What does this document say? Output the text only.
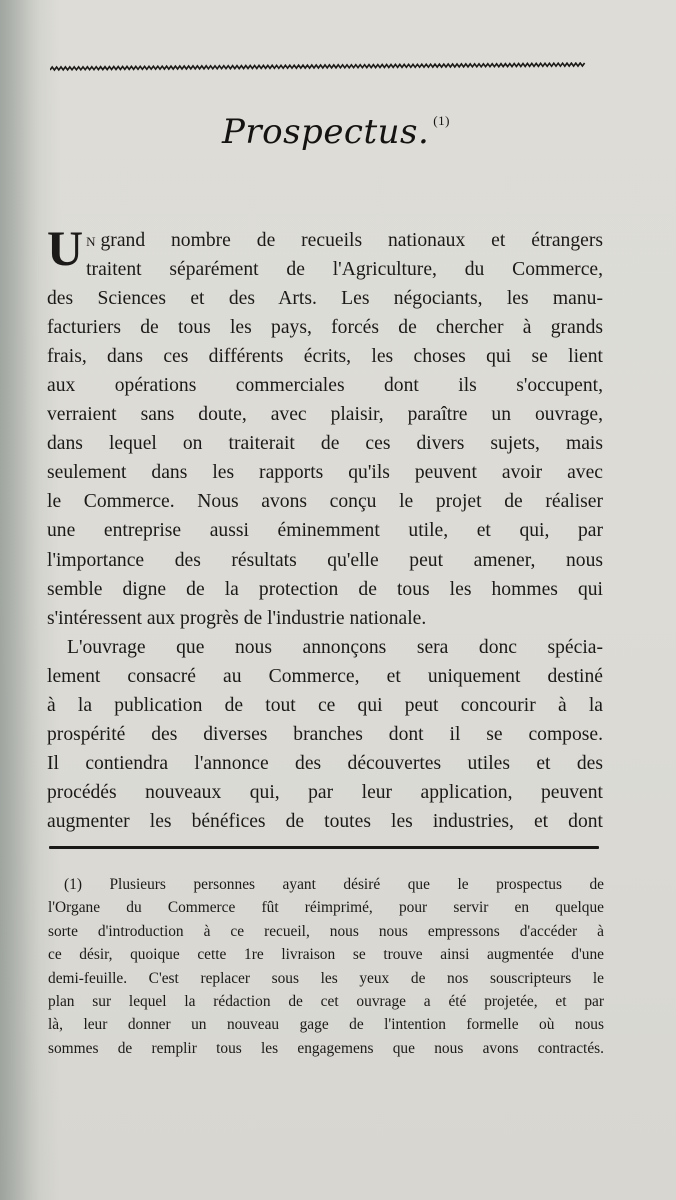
Prospectus. $^{(1)}$
U N grand nombre de recueils nationaux et étrangers
traitent séparément de l'Agriculture, du Commerce,
des Sciences et des Arts. Les négociants, les manu-
facturiers de tous les pays, forcés de chercher à grands
frais, dans ces différents écrits, les choses qui se lient
aux opérations commerciales dont ils s'occupent,
verraient sans doute, avec plaisir, paraître un ouvrage,
dans lequel on traiterait de ces divers sujets, mais
seulement dans les rapports qu'ils peuvent avoir avec
le Commerce. Nous avons conçu le projet de réaliser
une entreprise aussi éminemment utile, et qui, par
l'importance des résultats qu'elle peut amener, nous
semble digne de la protection de tous les hommes qui
s'intéressent aux progrès de l'industrie nationale.
L'ouvrage que nous annonçons sera donc spécia-
lement consacré au Commerce, et uniquement destiné
à la publication de tout ce qui peut concourir à la
prospérité des diverses branches dont il se compose.
Il contiendra l'annonce des découvertes utiles et des
procédés nouveaux qui, par leur application, peuvent
augmenter les bénéfices de toutes les industries, et dont
(1) Plusieurs personnes ayant désiré que le prospectus de
l'Organe du Commerce fût réimprimé, pour servir en quelque
sorte d'introduction à ce recueil, nous nous empressons d'accéder à
ce désir, quoique cette 1re livraison se trouve ainsi augmentée d'une
demi-feuille. C'est replacer sous les yeux de nos souscripteurs le
plan sur lequel la rédaction de cet ouvrage a été projetée, et par
là, leur donner un nouveau gage de l'intention formelle où nous
sommes de remplir tous les engagemens que nous avons contractés.
